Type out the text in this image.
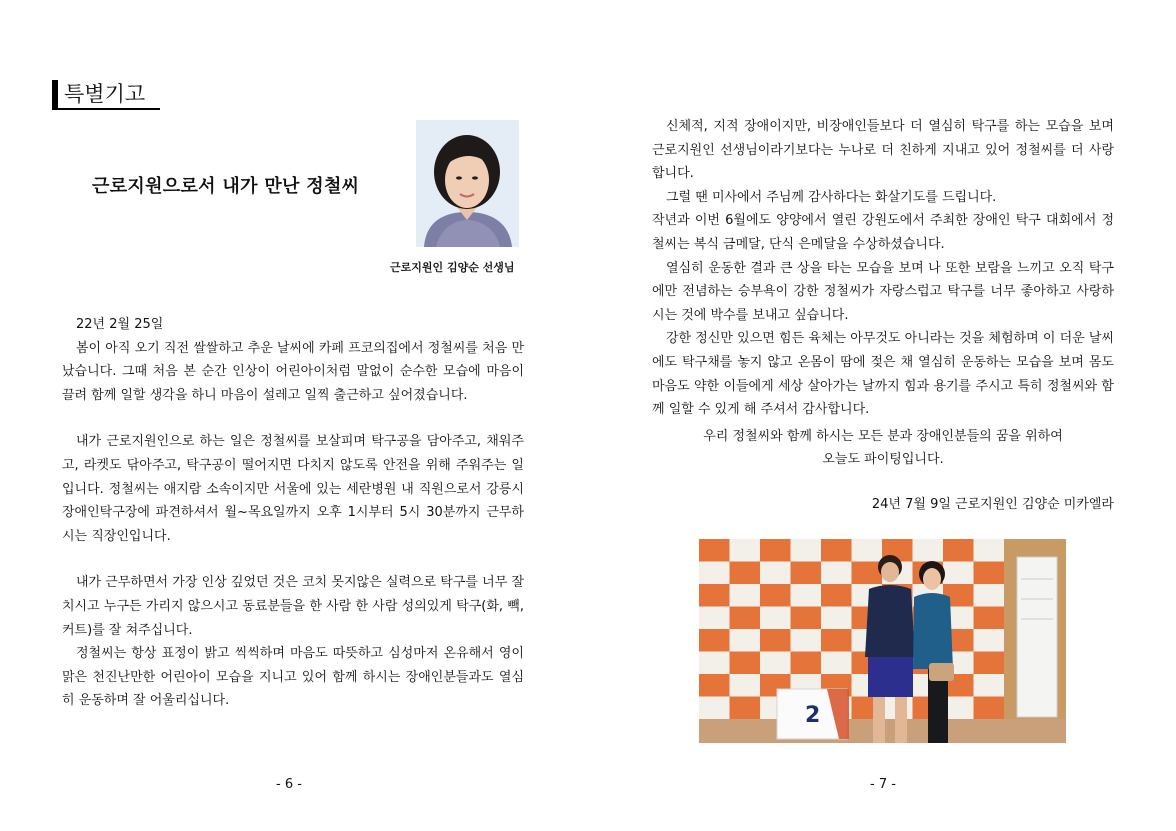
특별기고
근로지원으로서 내가 만난 정철씨
근로지원인 김양순 선생님

22년 2월 25일

봄이 아직 오기 직전 쌀쌀하고 추운 날씨에 카페 프코의집에서 정철씨를 처음 만났습니다. 그때 처음 본 순간 인상이 어린아이처럼 말없이 순수한 모습에 마음이 끌려 함께 일할 생각을 하니 마음이 설레고 일찍 출근하고 싶어졌습니다.

내가 근로지원인으로 하는 일은 정철씨를 보살피며 탁구공을 담아주고, 채워주고, 라켓도 닦아주고, 탁구공이 떨어지면 다치지 않도록 안전을 위해 주워주는 일입니다. 정철씨는 애지람 소속이지만 서울에 있는 세란병원 내 직원으로서 강릉시 장애인탁구장에 파견하셔서 월~목요일까지 오후 1시부터 5시 30분까지 근무하시는 직장인입니다.

내가 근무하면서 가장 인상 깊었던 것은 코치 못지않은 실력으로 탁구를 너무 잘 치시고 누구든 가리지 않으시고 동료분들을 한 사람 한 사람 성의있게 탁구(화, 빽, 커트)를 잘 쳐주십니다.

정철씨는 항상 표정이 밝고 씩씩하며 마음도 따뜻하고 심성마저 온유해서 영이 맑은 천진난만한 어린아이 모습을 지니고 있어 함께 하시는 장애인분들과도 열심히 운동하며 잘 어울리십니다.

- 6 -

신체적, 지적 장애이지만, 비장애인들보다 더 열심히 탁구를 하는 모습을 보며 근로지원인 선생님이라기보다는 누나로 더 친하게 지내고 있어 정철씨를 더 사랑합니다.

그럴 땐 미사에서 주님께 감사하다는 화살기도를 드립니다.

작년과 이번 6월에도 양양에서 열린 강원도에서 주최한 장애인 탁구 대회에서 정철씨는 복식 금메달, 단식 은메달을 수상하셨습니다.

열심히 운동한 결과 큰 상을 타는 모습을 보며 나 또한 보람을 느끼고 오직 탁구에만 전념하는 승부욕이 강한 정철씨가 자랑스럽고 탁구를 너무 좋아하고 사랑하시는 것에 박수를 보내고 싶습니다.

강한 정신만 있으면 힘든 육체는 아무것도 아니라는 것을 체험하며 이 더운 날씨에도 탁구채를 놓지 않고 온몸이 땀에 젖은 채 열심히 운동하는 모습을 보며 몸도 마음도 약한 이들에게 세상 살아가는 날까지 힘과 용기를 주시고 특히 정철씨와 함께 일할 수 있게 해 주셔서 감사합니다.

우리 정철씨와 함께 하시는 모든 분과 장애인분들의 꿈을 위하여
오늘도 파이팅입니다.
24년 7월 9일 근로지원인 김양순 미카엘라
2
- 7 -
